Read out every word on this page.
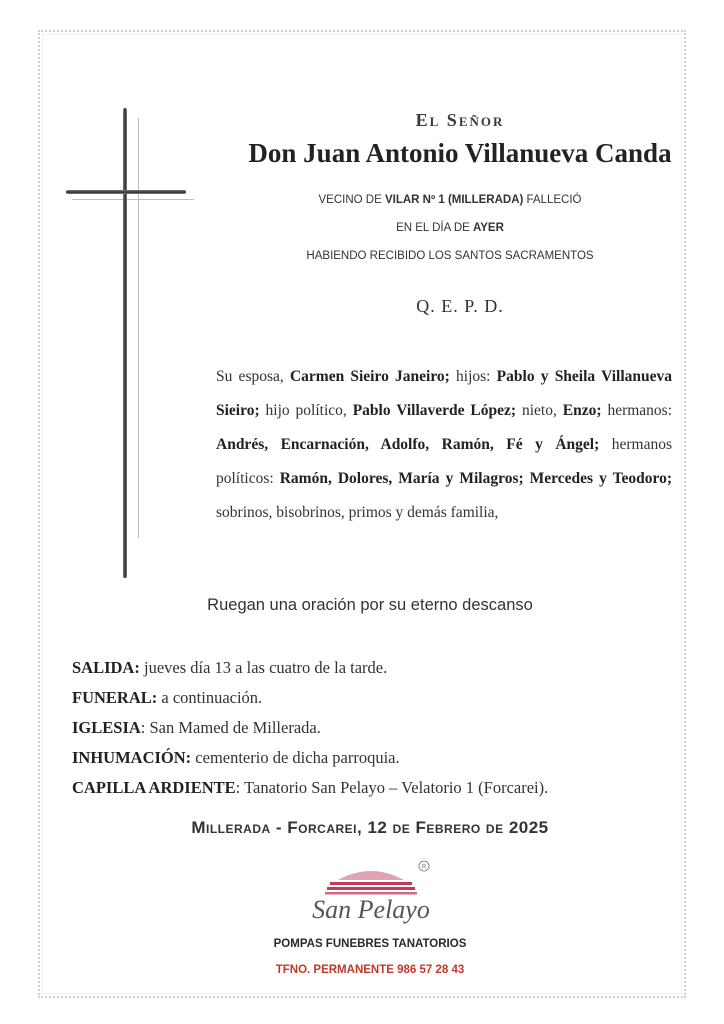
El Señor
Don Juan Antonio Villanueva Canda
VECINO DE VILAR Nº 1 (MILLERADA) FALLECIÓ
EN EL DÍA DE AYER
HABIENDO RECIBIDO LOS SANTOS SACRAMENTOS
Q. E. P. D.
Su esposa, Carmen Sieiro Janeiro; hijos: Pablo y Sheila Villanueva Sieiro; hijo político, Pablo Villaverde López; nieto, Enzo; hermanos: Andrés, Encarnación, Adolfo, Ramón, Fé y Ángel; hermanos políticos: Ramón, Dolores, María y Milagros; Mercedes y Teodoro; sobrinos, bisobrinos, primos y demás familia,
Ruegan una oración por su eterno descanso
SALIDA: jueves día 13 a las cuatro de la tarde.
FUNERAL: a continuación.
IGLESIA: San Mamed de Millerada.
INHUMACIÓN: cementerio de dicha parroquia.
CAPILLA ARDIENTE: Tanatorio San Pelayo – Velatorio 1 (Forcarei).
Millerada - Forcarei, 12 de Febrero de 2025
R
San Pelayo
POMPAS FUNEBRES TANATORIOS
TFNO. PERMANENTE 986 57 28 43
